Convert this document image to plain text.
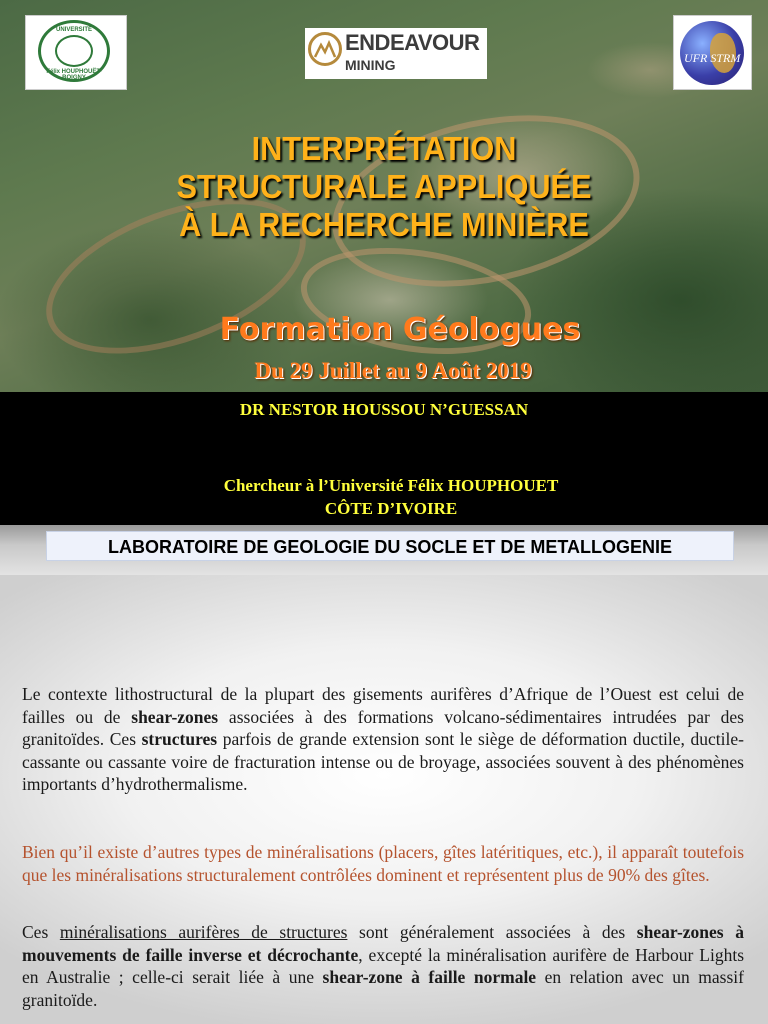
UNIVERSITÉ
Félix HOUPHOUËT-BOIGNY
ENDEAVOUR
MINING	UFR STRM
INTERPRÉTATION
STRUCTURALE APPLIQUÉE
À LA RECHERCHE MINIÈRE
Formation Géologues
Du 29 Juillet au 9 Août 2019
DR NESTOR HOUSSOU N’GUESSAN
Chercheur à l’Université Félix HOUPHOUET
CÔTE D’IVOIRE
LABORATOIRE DE GEOLOGIE DU SOCLE ET DE METALLOGENIE
Le contexte lithostructural de la plupart des gisements aurifères d’Afrique de l’Ouest est celui de failles ou de shear-zones associées à des formations volcano-sédimentaires intrudées par des granitoïdes. Ces structures parfois de grande extension sont le siège de déformation ductile, ductile-cassante ou cassante voire de fracturation intense ou de broyage, associées souvent à des phénomènes importants d’hydrothermalisme.
Bien qu’il existe d’autres types de minéralisations (placers, gîtes latéritiques, etc.), il apparaît toutefois que les minéralisations structuralement contrôlées dominent et représentent plus de 90% des gîtes.
Ces minéralisations aurifères de structures sont généralement associées à des shear-zones à mouvements de faille inverse et décrochante, excepté la minéralisation aurifère de Harbour Lights en Australie ; celle-ci serait liée à une shear-zone à faille normale en relation avec un massif granitoïde.
